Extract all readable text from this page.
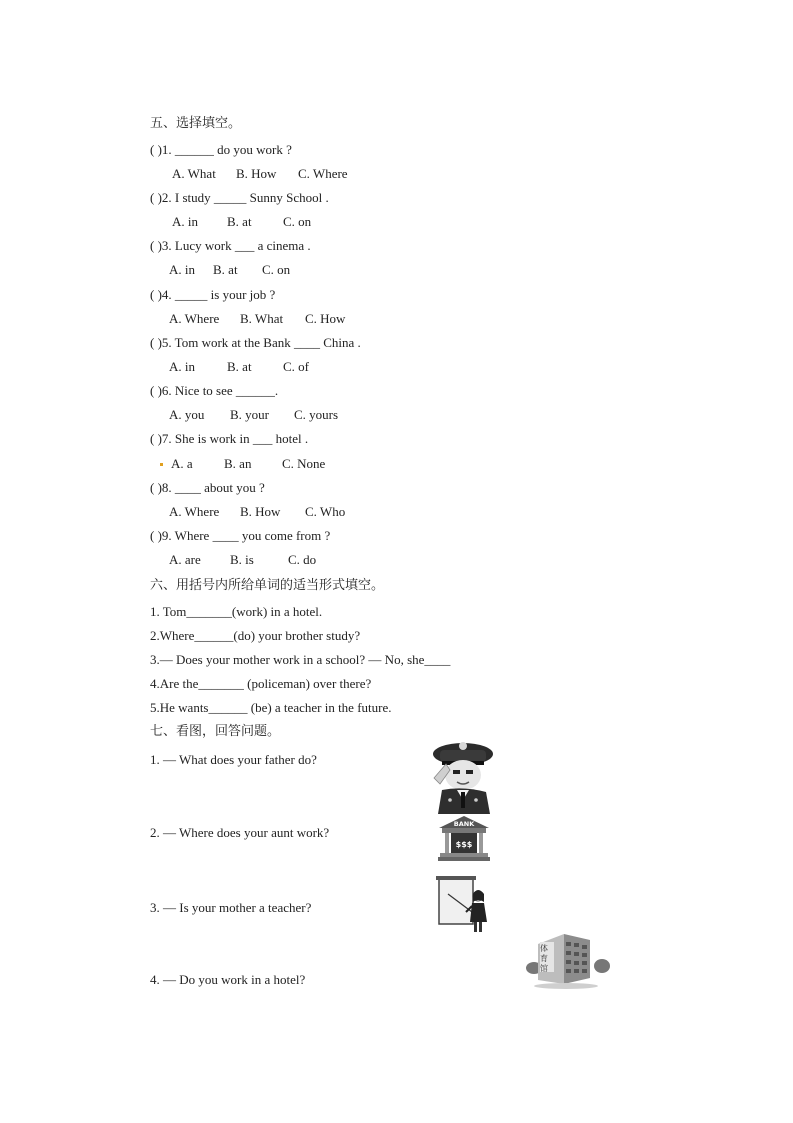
五、选择填空。
( )1. ______ do you work ?
A. What B. How C. Where
( )2. I study _____ Sunny School .
A. in B. at C. on
( )3. Lucy work ___ a cinema .
A. in B. at C. on
( )4. _____ is your job ?
A. Where B. What C. How
( )5. Tom work at the Bank ____ China .
A. in B. at C. of
( )6. Nice to see ______.
A. you B. your C. yours
( )7. She is work in ___ hotel .
A. a B. an C. None
( )8. ____ about you ?
A. Where B. How C. Who
( )9. Where ____ you come from ?
A. are B. is	C. do
六、用括号内所给单词的适当形式填空。
1. Tom_______(work) in a hotel.
2.Where______(do) your brother study?
3.— Does your mother work in a school? — No, she____
4.Are the_______ (policeman) over there?
5.He wants______ (be) a teacher in the future.
七、看图，回答问题。
1. — What does your father do?
2. — Where does your aunt work?
3. — Is your mother a teacher?
4. — Do you work in a hotel?
BANK
$$$
体育馆
